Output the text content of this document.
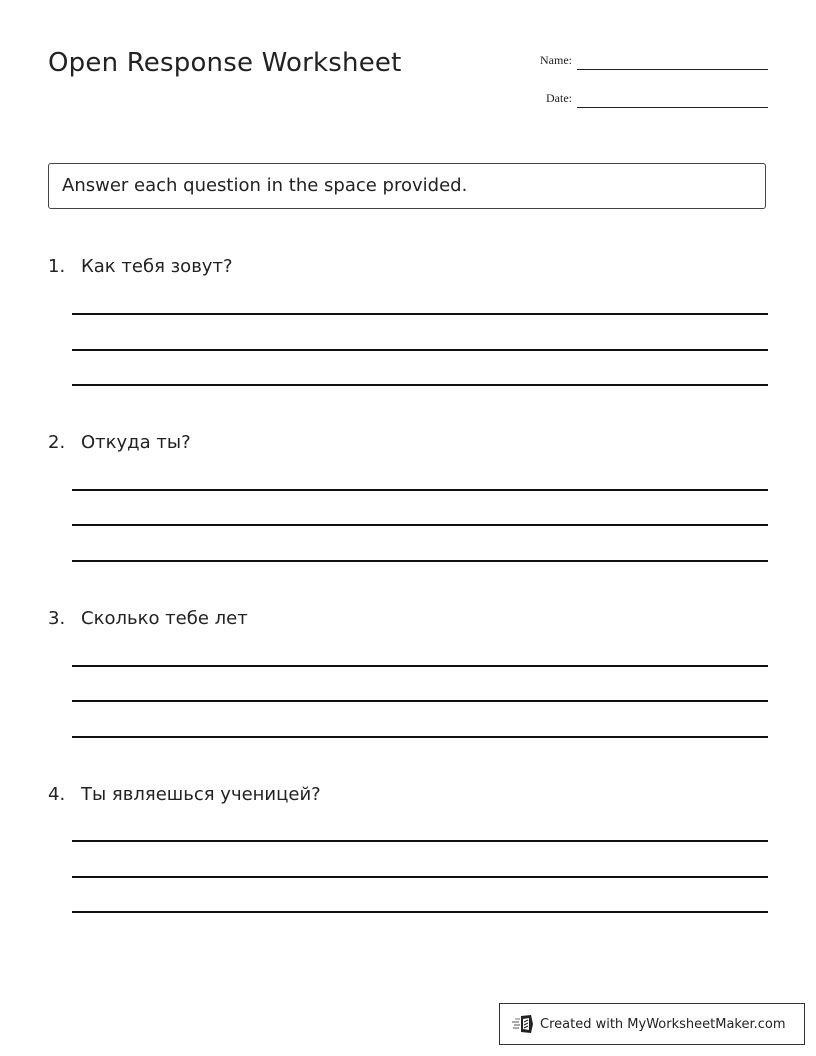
Open Response Worksheet	Name:
Date:
Answer each question in the space provided.
1. Как тебя зовут?
2. Откуда ты?
3. Сколько тебе лет
4. Ты являешься ученицей?
Created with MyWorksheetMaker.com
